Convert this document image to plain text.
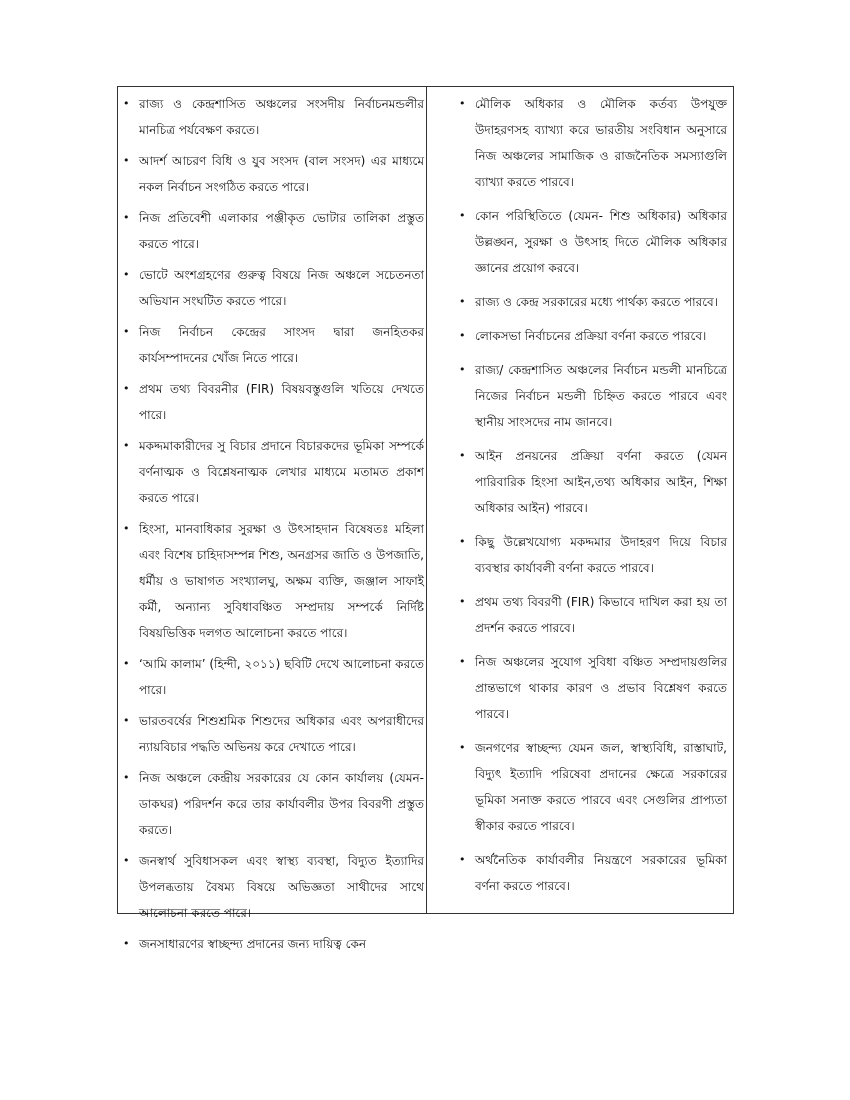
• রাজ্য ও কেন্দ্রশাসিত অঞ্চলের সংসদীয় নির্বাচনমন্ডলীর মানচিত্র পর্যবেক্ষণ করতে।
• আদর্শ আচরণ বিধি ও যুব সংসদ (বাল সংসদ) এর মাধ্যমে নকল নির্বাচন সংগঠিত করতে পারে।
• নিজ প্রতিবেশী এলাকার পঞ্জীকৃত ভোটার তালিকা প্রস্তুত করতে পারে।
• ভোটে অংশগ্রহণের গুরুত্ব বিষয়ে নিজ অঞ্চলে সচেতনতা অভিযান সংঘটিত করতে পারে।
• নিজ নির্বাচন কেন্দ্রের সাংসদ দ্বারা জনহিতকর কার্যসম্পাদনের খোঁজ নিতে পারে।
• প্রথম তথ্য বিবরনীর (FIR) বিষয়বস্তুগুলি খতিয়ে দেখতে পারে।
• মকদ্দমাকারীদের সু বিচার প্রদানে বিচারকদের ভূমিকা সম্পর্কে বর্ণনাত্মক ও বিশ্লেষনাত্মক লেখার মাধ্যমে মতামত প্রকাশ করতে পারে।
• হিংসা, মানবাধিকার সুরক্ষা ও উৎসাহদান বিষেষতঃ মহিলা এবং বিশেষ চাহিদাসম্পন্ন শিশু, অনগ্রসর জাতি ও উপজাতি, ধর্মীয় ও ভাষাগত সংখ্যালঘু, অক্ষম ব্যক্তি, জঞ্জাল সাফাই কর্মী, অন্যান্য সুবিধাবঞ্চিত সম্প্রদায় সম্পর্কে নির্দিষ্ট বিষয়ভিত্তিক দলগত আলোচনা করতে পারে।
• ‘আমি কালাম’ (হিন্দী, ২০১১) ছবিটি দেখে আলোচনা করতে পারে।
• ভারতবর্ষের শিশুশ্রমিক শিশুদের অধিকার এবং অপরাধীদের ন্যায়বিচার পদ্ধতি অভিনয় করে দেখাতে পারে।
• নিজ অঞ্চলে কেন্দ্রীয় সরকারের যে কোন কার্যালয় (যেমন-ডাকঘর) পরিদর্শন করে তার কার্যাবলীর উপর বিবরণী প্রস্তুত করতে।
• জনস্বার্থ সুবিধাসকল এবং স্বাস্থ্য ব্যবস্থা, বিদ্যুত ইত্যাদির উপলব্ধতায় বৈষম্য বিষয়ে অভিজ্ঞতা সাথীদের সাথে আলোচনা করতে পারে।
• জনসাধারণের স্বাচ্ছন্দ্য প্রদানের জন্য দায়িত্ব কেন
• মৌলিক অধিকার ও মৌলিক কর্তব্য উপযুক্ত উদাহরণসহ ব্যাখ্যা করে ভারতীয় সংবিধান অনুসারে নিজ অঞ্চলের সামাজিক ও রাজনৈতিক সমস্যাগুলি ব্যাখ্যা করতে পারবে।
• কোন পরিস্থিতিতে (যেমন- শিশু অধিকার) অধিকার উল্লঙ্ঘন, সুরক্ষা ও উৎসাহ দিতে মৌলিক অধিকার জ্ঞানের প্রয়োগ করবে।
• রাজ্য ও কেন্দ্র সরকারের মধ্যে পার্থক্য করতে পারবে।
• লোকসভা নির্বাচনের প্রক্রিয়া বর্ণনা করতে পারবে।
• রাজ্য/ কেন্দ্রশাসিত অঞ্চলের নির্বাচন মন্ডলী মানচিত্রে নিজের নির্বাচন মন্ডলী চিহ্নিত করতে পারবে এবং স্থানীয় সাংসদের নাম জানবে।
• আইন প্রনয়নের প্রক্রিয়া বর্ণনা করতে (যেমন পারিবারিক হিংসা আইন,তথ্য অধিকার আইন, শিক্ষা অধিকার আইন) পারবে।
• কিছু উল্লেখযোগ্য মকদ্দমার উদাহরণ দিয়ে বিচার ব্যবস্থার কার্যাবলী বর্ণনা করতে পারবে।
• প্রথম তথ্য বিবরণী (FIR) কিভাবে দাখিল করা হয় তা প্রদর্শন করতে পারবে।
• নিজ অঞ্চলের সুযোগ সুবিধা বঞ্চিত সম্প্রদায়গুলির প্রান্তভাগে থাকার কারণ ও প্রভাব বিশ্লেষণ করতে পারবে।
• জনগণের স্বাচ্ছন্দ্য যেমন জল, স্বাস্থ্যবিধি, রাস্তাঘাট, বিদ্যুৎ ইত্যাদি পরিষেবা প্রদানের ক্ষেত্রে সরকারের ভূমিকা সনাক্ত করতে পারবে এবং সেগুলির প্রাপ্যতা স্বীকার করতে পারবে।
• অর্থনৈতিক কার্যাবলীর নিয়ন্ত্রণে সরকারের ভূমিকা বর্ণনা করতে পারবে।
